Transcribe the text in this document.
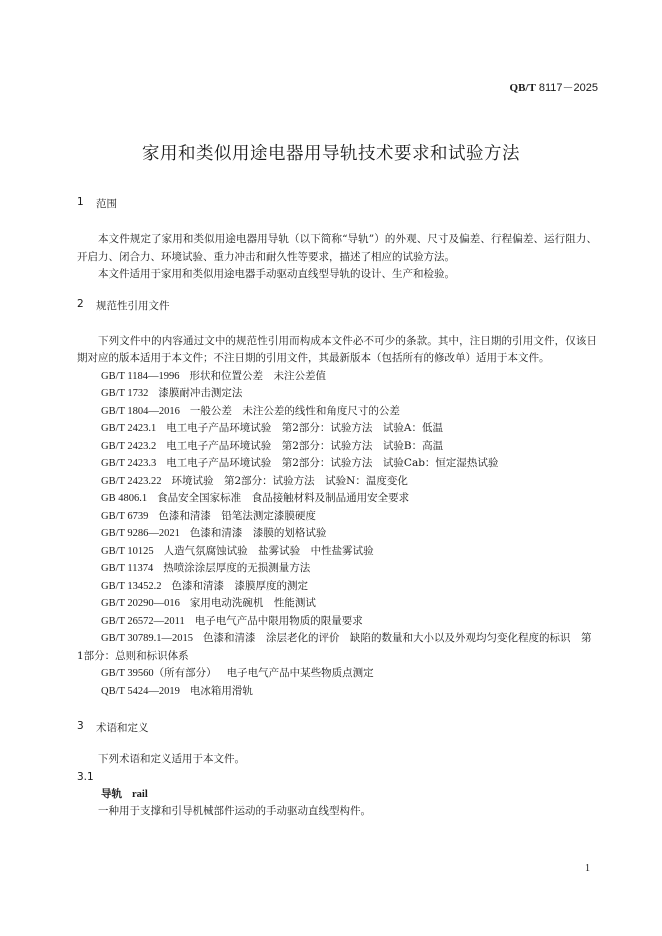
QB/T 8117－2025
家用和类似用途电器用导轨技术要求和试验方法
1	范围

本文件规定了家用和类似用途电器用导轨（以下简称“导轨”）的外观、尺寸及偏差、行程偏差、运行阻力、开启力、闭合力、环境试验、重力冲击和耐久性等要求，描述了相应的试验方法。

本文件适用于家用和类似用途电器手动驱动直线型导轨的设计、生产和检验。

2	规范性引用文件

下列文件中的内容通过文中的规范性引用而构成本文件必不可少的条款。其中，注日期的引用文件，仅该日期对应的版本适用于本文件；不注日期的引用文件，其最新版本（包括所有的修改单）适用于本文件。

GB/T 1184—1996 形状和位置公差　未注公差值
GB/T 1732 漆膜耐冲击测定法
GB/T 1804—2016 一般公差　未注公差的线性和角度尺寸的公差
GB/T 2423.1 电工电子产品环境试验　第2部分：试验方法　试验A：低温
GB/T 2423.2 电工电子产品环境试验　第2部分：试验方法　试验B：高温
GB/T 2423.3 电工电子产品环境试验　第2部分：试验方法　试验Cab：恒定湿热试验
GB/T 2423.22 环境试验　第2部分：试验方法　试验N：温度变化
GB 4806.1 食品安全国家标准　食品接触材料及制品通用安全要求
GB/T 6739 色漆和清漆　铅笔法测定漆膜硬度
GB/T 9286—2021 色漆和清漆　漆膜的划格试验
GB/T 10125 人造气氛腐蚀试验　盐雾试验　中性盐雾试验
GB/T 11374 热喷涂涂层厚度的无损测量方法
GB/T 13452.2 色漆和清漆　漆膜厚度的测定
GB/T 20290—016 家用电动洗碗机　性能测试
GB/T 26572—2011 电子电气产品中限用物质的限量要求
GB/T 30789.1—2015 色漆和清漆　涂层老化的评价　缺陷的数量和大小以及外观均匀变化程度的标识　第1部分：总则和标识体系
GB/T 39560（所有部分） 电子电气产品中某些物质点测定
QB/T 5424—2019 电冰箱用滑轨
3	术语和定义

下列术语和定义适用于本文件。

3.1
导轨 rail

一种用于支撑和引导机械部件运动的手动驱动直线型构件。

1
